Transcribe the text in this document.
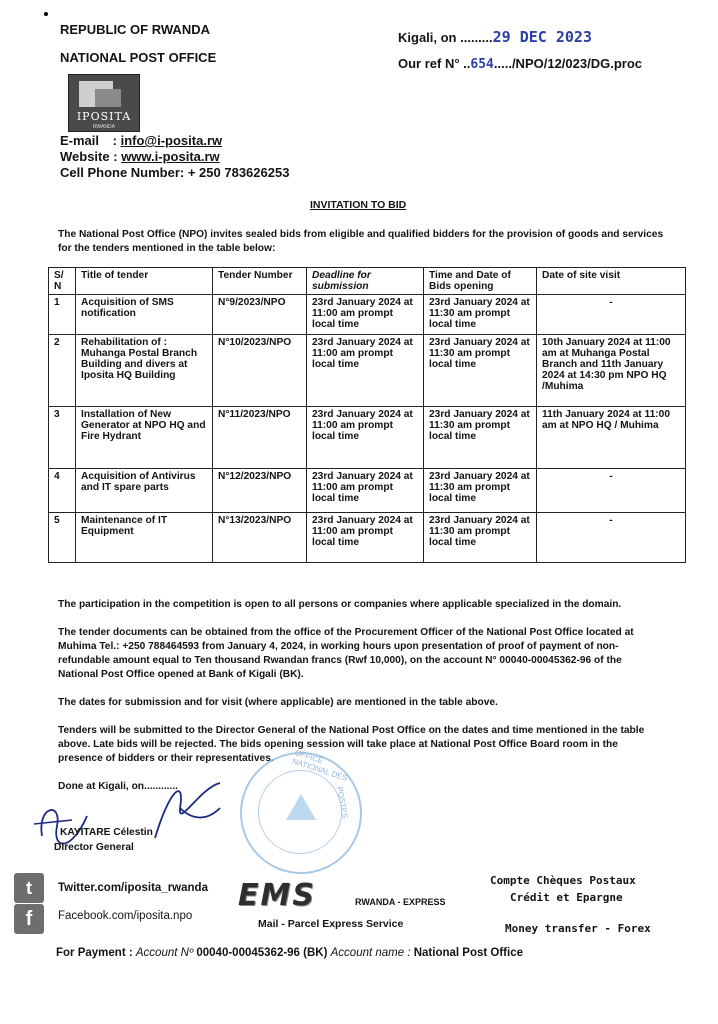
REPUBLIC OF RWANDA
NATIONAL POST OFFICE
Kigali, on .........29 DEC 2023
Our ref N° ..654...../NPO/12/023/DG.proc
IPOSITA
RWANDA
E-mail : info@i-posita.rw
Website : www.i-posita.rw
Cell Phone Number: + 250 783626253
INVITATION TO BID
The National Post Office (NPO) invites sealed bids from eligible and qualified bidders for the provision of goods and services for the tenders mentioned in the table below:
S/ N	Title of tender	Tender Number	Deadline for submission	Time and Date of Bids opening	Date of site visit
1	Acquisition of SMS notification	N°9/2023/NPO	23rd January 2024 at 11:00 am prompt local time	23rd January 2024 at 11:30 am prompt local time	-
2	Rehabilitation of : Muhanga Postal Branch Building and divers at Iposita HQ Building	N°10/2023/NPO	23rd January 2024 at 11:00 am prompt local time	23rd January 2024 at 11:30 am prompt local time	10th January 2024 at 11:00 am at Muhanga Postal Branch and 11th January 2024 at 14:30 pm NPO HQ /Muhima
3	Installation of New Generator at NPO HQ and Fire Hydrant	N°11/2023/NPO	23rd January 2024 at 11:00 am prompt local time	23rd January 2024 at 11:30 am prompt local time	11th January 2024 at 11:00 am at NPO HQ / Muhima
4	Acquisition of Antivirus and IT spare parts	N°12/2023/NPO	23rd January 2024 at 11:00 am prompt local time	23rd January 2024 at 11:30 am prompt local time	-
5	Maintenance of IT Equipment	N°13/2023/NPO	23rd January 2024 at 11:00 am prompt local time	23rd January 2024 at 11:30 am prompt local time	-
The participation in the competition is open to all persons or companies where applicable specialized in the domain.
The tender documents can be obtained from the office of the Procurement Officer of the National Post Office located at Muhima Tel.: +250 788464593 from January 4, 2024, in working hours upon presentation of proof of payment of non-refundable amount equal to Ten thousand Rwandan francs (Rwf 10,000), on the account N° 00040-00045362-96 of the National Post Office opened at Bank of Kigali (BK).
The dates for submission and for visit (where applicable) are mentioned in the table above.
Tenders will be submitted to the Director General of the National Post Office on the dates and time mentioned in the table above. Late bids will be rejected. The bids opening session will take place at National Post Office Board room in the presence of bidders or their representatives.	OFFICE NATIONAL DES
POSTES
Done at Kigali, on............
KAYITARE Célestin
Director General
t	Twitter.com/iposita_rwanda
f	Facebook.com/iposita.npo
EMS	RWANDA - EXPRESS
Mail - Parcel Express Service
Compte Chèques Postaux
Crédit et Epargne
Money transfer - Forex
For Payment : Account Nº 00040-00045362-96 (BK) Account name : National Post Office
